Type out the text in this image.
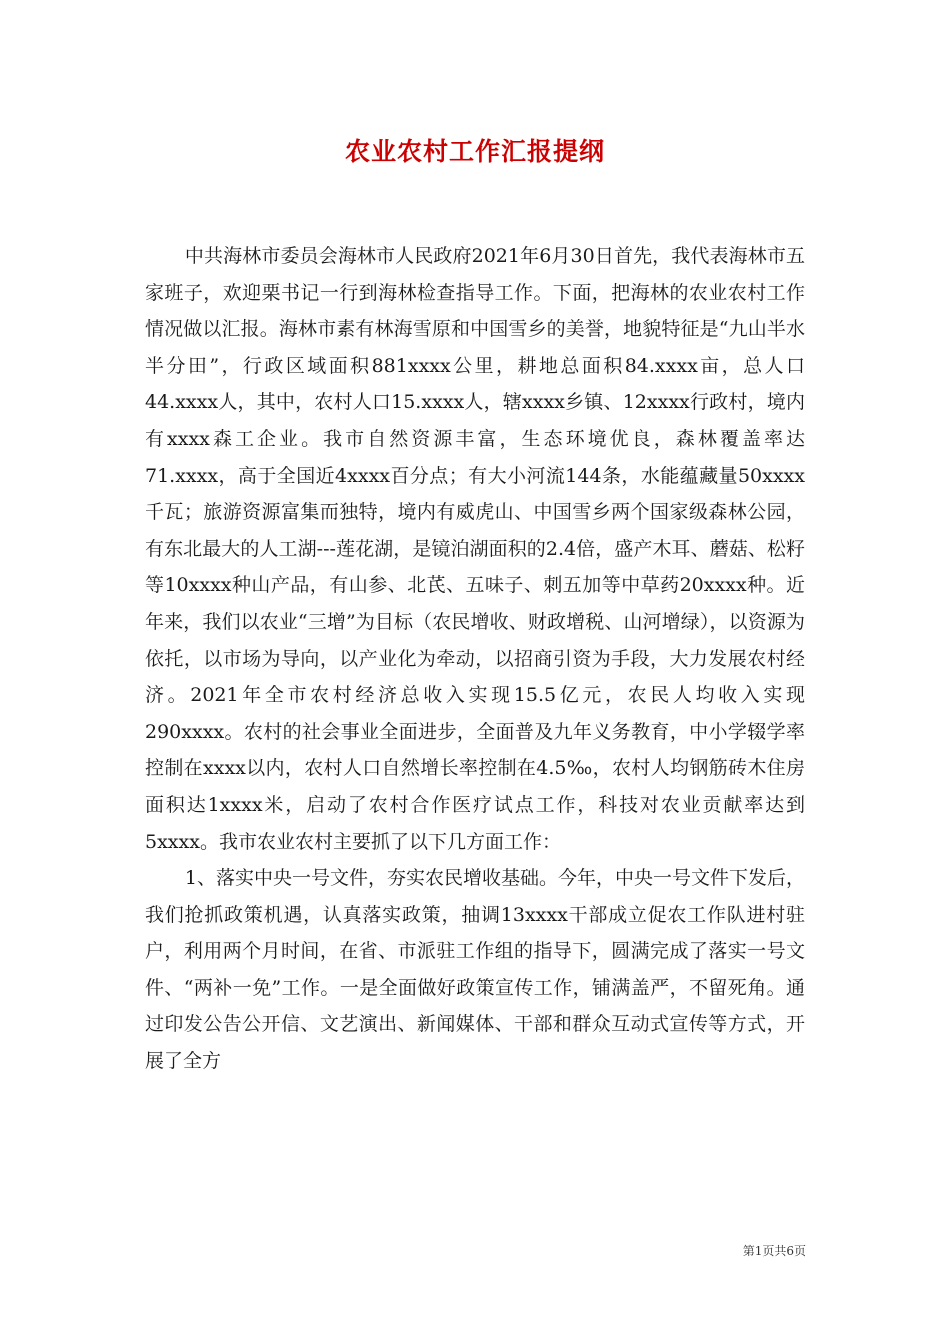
农业农村工作汇报提纲

中共海林市委员会海林市人民政府2021年6月30日首先，我代表海林市五家班子，欢迎栗书记一行到海林检查指导工作。下面，把海林的农业农村工作情况做以汇报。海林市素有林海雪原和中国雪乡的美誉，地貌特征是“九山半水半分田”，行政区域面积881xxxx公里，耕地总面积84.xxxx亩，总人口44.xxxx人，其中，农村人口15.xxxx人，辖xxxx乡镇、12xxxx行政村，境内有xxxx森工企业。我市自然资源丰富，生态环境优良，森林覆盖率达71.xxxx，高于全国近4xxxx百分点；有大小河流144条，水能蕴藏量50xxxx千瓦；旅游资源富集而独特，境内有威虎山、中国雪乡两个国家级森林公园，有东北最大的人工湖---莲花湖，是镜泊湖面积的2.4倍，盛产木耳、蘑菇、松籽等10xxxx种山产品，有山参、北芪、五味子、刺五加等中草药20xxxx种。近年来，我们以农业“三增”为目标（农民增收、财政增税、山河增绿），以资源为依托，以市场为导向，以产业化为牵动，以招商引资为手段，大力发展农村经济。2021年全市农村经济总收入实现15.5亿元，农民人均收入实现290xxxx。农村的社会事业全面进步，全面普及九年义务教育，中小学辍学率控制在xxxx以内，农村人口自然增长率控制在4.5‰，农村人均钢筋砖木住房面积达1xxxx米，启动了农村合作医疗试点工作，科技对农业贡献率达到5xxxx。我市农业农村主要抓了以下几方面工作：

1、落实中央一号文件，夯实农民增收基础。今年，中央一号文件下发后，我们抢抓政策机遇，认真落实政策，抽调13xxxx干部成立促农工作队进村驻户，利用两个月时间，在省、市派驻工作组的指导下，圆满完成了落实一号文件、“两补一免”工作。一是全面做好政策宣传工作，铺满盖严，不留死角。通过印发公告公开信、文艺演出、新闻媒体、干部和群众互动式宣传等方式，开展了全方

第1页共6页
